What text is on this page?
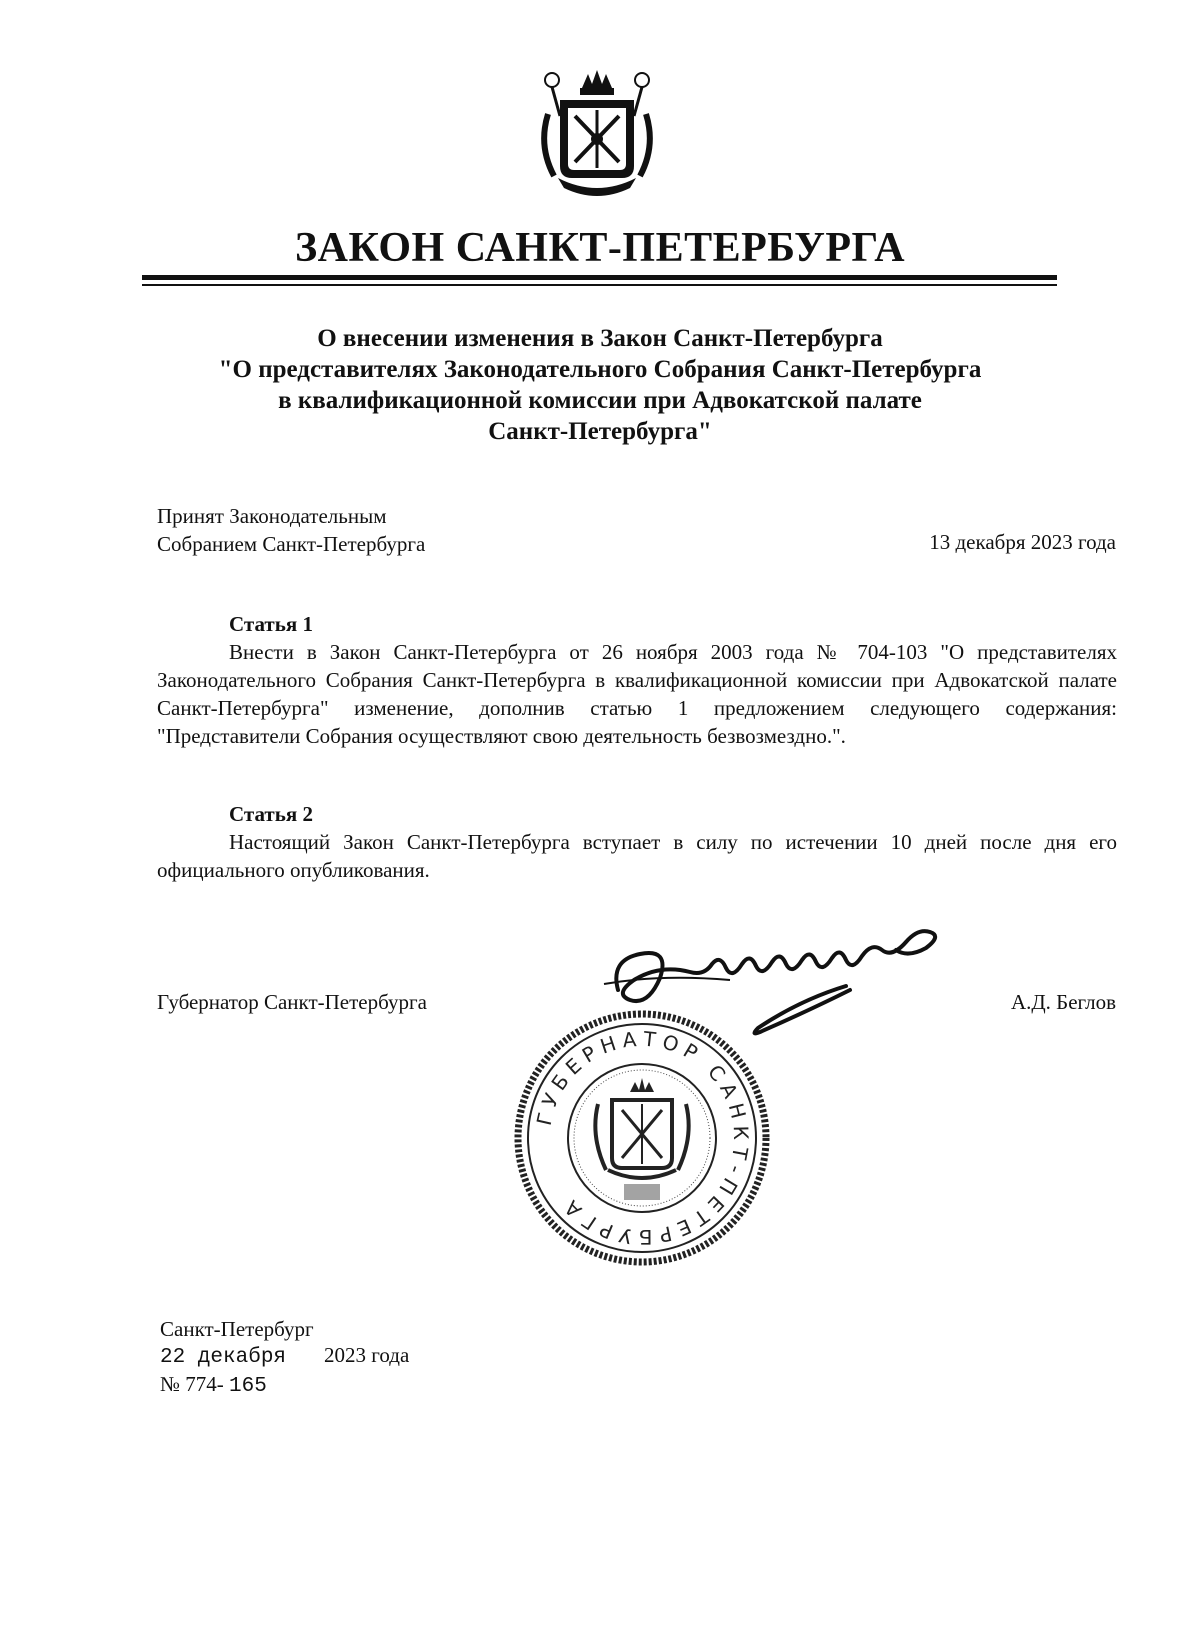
ЗАКОН САНКТ-ПЕТЕРБУРГА
О внесении изменения в Закон Санкт-Петербурга
"О представителях Законодательного Собрания Санкт-Петербурга
в квалификационной комиссии при Адвокатской палате
Санкт-Петербурга"
Принят Законодательным
Собранием Санкт-Петербурга	13 декабря 2023 года
Статья 1

Внести в Закон Санкт-Петербурга от 26 ноября 2003 года № 704-103 "О представителях Законодательного Собрания Санкт-Петербурга в квалификационной комиссии при Адвокатской палате Санкт-Петербурга" изменение, дополнив статью 1 предложением следующего содержания: "Представители Собрания осуществляют свою деятельность безвозмездно.".

Статья 2

Настоящий Закон Санкт-Петербурга вступает в силу по истечении 10 дней после дня его официального опубликования.

Губернатор Санкт-Петербурга	А.Д. Беглов
ГУБЕРНАТОР САНКТ-ПЕТЕРБУРГА
Санкт-Петербург
22 декабря 2023 года
№ 774- 165
